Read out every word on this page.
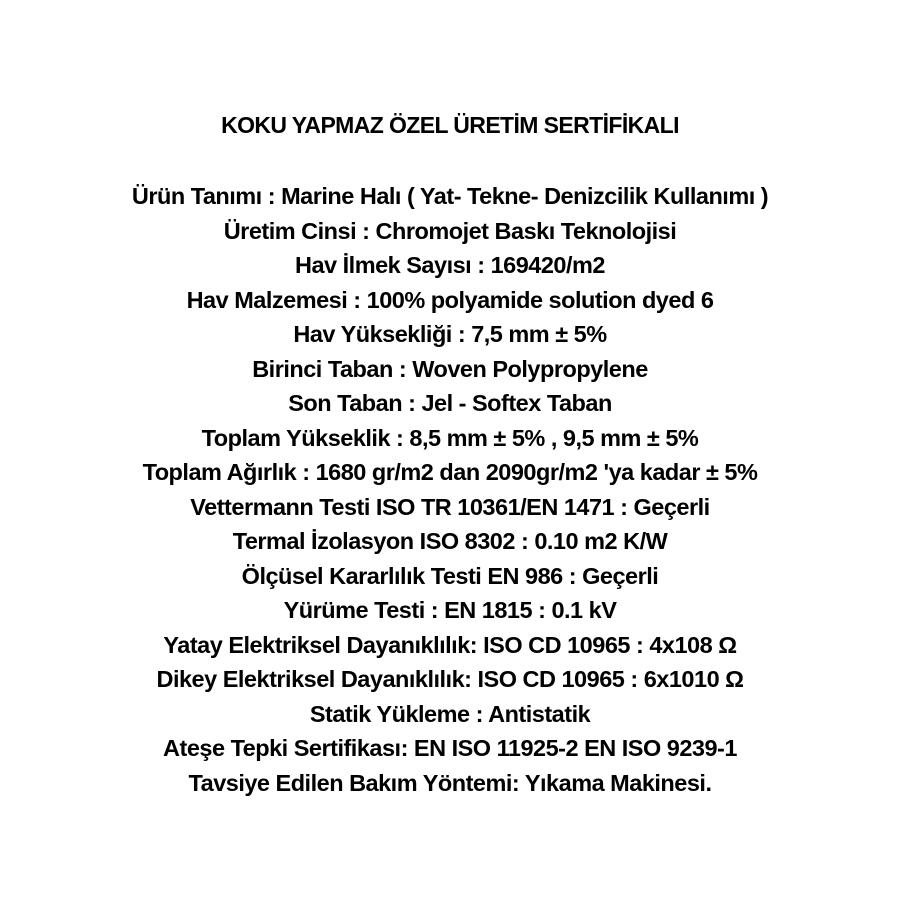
KOKU YAPMAZ ÖZEL ÜRETİM SERTİFİKALI
Ürün Tanımı : Marine Halı ( Yat- Tekne- Denizcilik Kullanımı )
Üretim Cinsi : Chromojet Baskı Teknolojisi
Hav İlmek Sayısı : 169420/m2
Hav Malzemesi : 100% polyamide solution dyed 6
Hav Yüksekliği : 7,5 mm ± 5%
Birinci Taban : Woven Polypropylene
Son Taban : Jel - Softex Taban
Toplam Yükseklik : 8,5 mm ± 5% , 9,5 mm ± 5%
Toplam Ağırlık : 1680 gr/m2 dan 2090gr/m2 'ya kadar ± 5%
Vettermann Testi ISO TR 10361/EN 1471 : Geçerli
Termal İzolasyon ISO 8302 : 0.10 m2 K/W
Ölçüsel Kararlılık Testi EN 986 : Geçerli
Yürüme Testi : EN 1815 : 0.1 kV
Yatay Elektriksel Dayanıklılık: ISO CD 10965 : 4x108 Ω
Dikey Elektriksel Dayanıklılık: ISO CD 10965 : 6x1010 Ω
Statik Yükleme : Antistatik
Ateşe Tepki Sertifikası: EN ISO 11925-2 EN ISO 9239-1
Tavsiye Edilen Bakım Yöntemi: Yıkama Makinesi.
